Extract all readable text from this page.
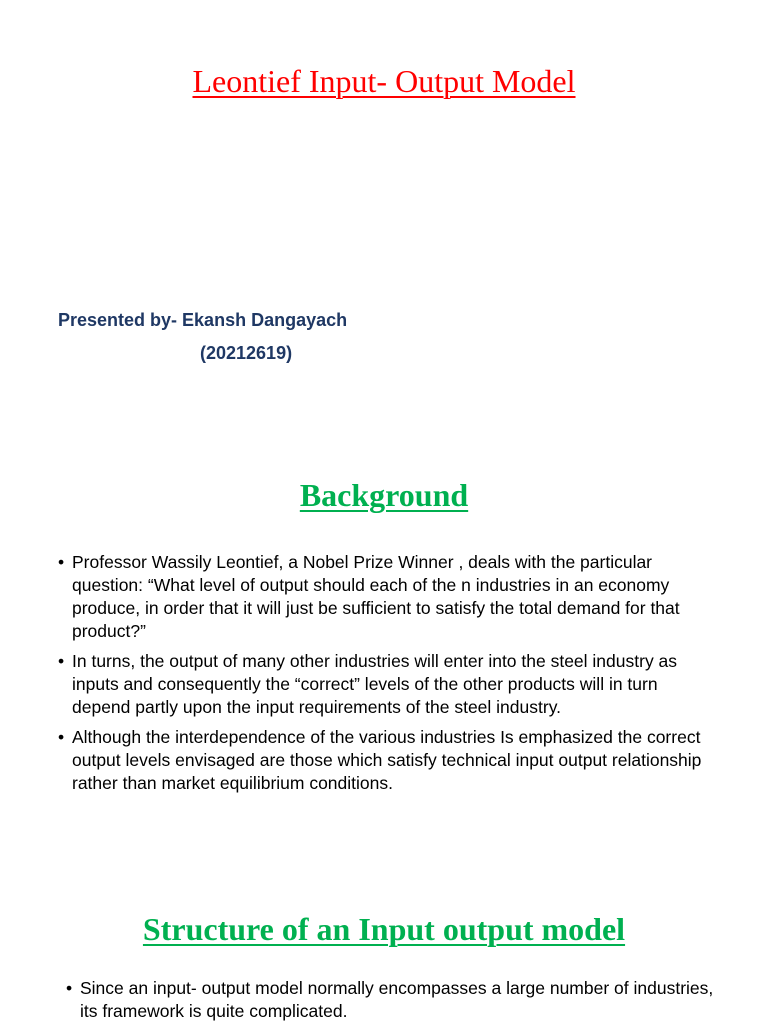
Leontief Input- Output Model
Presented by- Ekansh Dangayach
(20212619)
Background
• Professor Wassily Leontief, a Nobel Prize Winner , deals with the particular question: “What level of output should each of the n industries in an economy produce, in order that it will just be sufficient to satisfy the total demand for that product?”
• In turns, the output of many other industries will enter into the steel industry as inputs and consequently the “correct” levels of the other products will in turn depend partly upon the input requirements of the steel industry.
• Although the interdependence of the various industries Is emphasized the correct output levels envisaged are those which satisfy technical input output relationship rather than market equilibrium conditions.
Structure of an Input output model
• Since an input- output model normally encompasses a large number of industries, its framework is quite complicated.
